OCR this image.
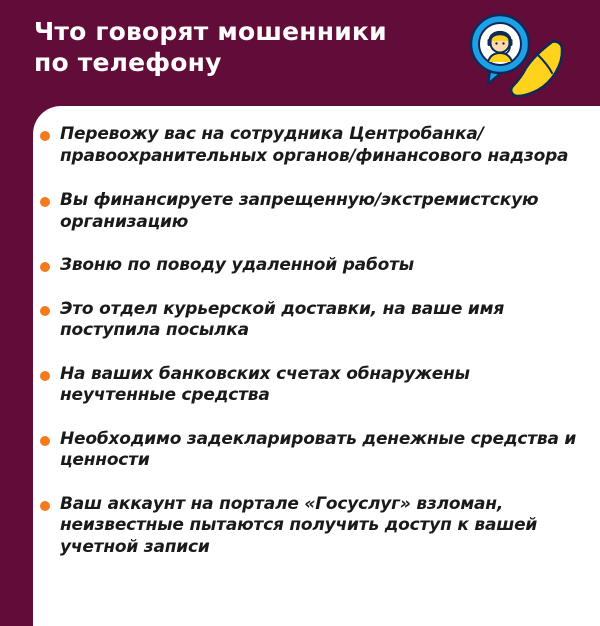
Что говорят мошенники
по телефону
Перевожу вас на сотрудника Центробанка/ правоохранительных органов/финансового надзора
Вы финансируете запрещенную/экстремистскую организацию
Звоню по поводу удаленной работы
Это отдел курьерской доставки, на ваше имя поступила посылка
На ваших банковских счетах обнаружены неучтенные средства
Необходимо задекларировать денежные средства и ценности
Ваш аккаунт на портале «Госуслуг» взломан, неизвестные пытаются получить доступ к вашей учетной записи
